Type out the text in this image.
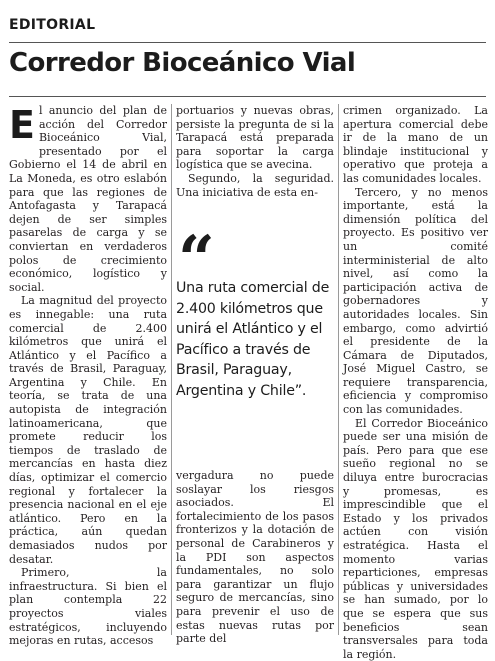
EDITORIAL
Corredor Bioceánico Vial

El anuncio del plan de acción del Corredor Bioceánico Vial, presentado por el Gobierno el 14 de abril en La Moneda, es otro eslabón para que las regiones de Antofagasta y Tarapacá dejen de ser simples pasarelas de carga y se conviertan en verdaderos polos de crecimiento económico, logístico y social.

La magnitud del proyecto es innegable: una ruta comercial de 2.400 kilómetros que unirá el Atlántico y el Pacífico a través de Brasil, Paraguay, Argentina y Chile. En teoría, se trata de una autopista de integración latinoamericana, que promete reducir los tiempos de traslado de mercancías en hasta diez días, optimizar el comercio regional y fortalecer la presencia nacional en el eje atlántico. Pero en la práctica, aún quedan demasiados nudos por desatar.

Primero, la infraestructura. Si bien el plan contempla 22 proyectos viales estratégicos, incluyendo mejoras en rutas, accesos

portuarios y nuevas obras, persiste la pregunta de si la Tarapacá está preparada para soportar la carga logística que se avecina.

Segundo, la seguridad. Una iniciativa de esta en-

“
Una ruta comercial de 2.400 kilómetros que unirá el Atlántico y el Pacífico a través de Brasil, Paraguay, Argentina y Chile”.

vergadura no puede soslayar los riesgos asociados. El fortalecimiento de los pasos fronterizos y la dotación de personal de Carabineros y la PDI son aspectos fundamentales, no solo para garantizar un flujo seguro de mercancías, sino para prevenir el uso de estas nuevas rutas por parte del

crimen organizado. La apertura comercial debe ir de la mano de un blindaje institucional y operativo que proteja a las comunidades locales.

Tercero, y no menos importante, está la dimensión política del proyecto. Es positivo ver un comité interministerial de alto nivel, así como la participación activa de gobernadores y autoridades locales. Sin embargo, como advirtió el presidente de la Cámara de Diputados, José Miguel Castro, se requiere transparencia, eficiencia y compromiso con las comunidades.

El Corredor Bioceánico puede ser una misión de país. Pero para que ese sueño regional no se diluya entre burocracias y promesas, es imprescindible que el Estado y los privados actúen con visión estratégica. Hasta el momento varias reparticiones, empresas públicas y universidades se han sumado, por lo que se espera que sus beneficios sean transversales para toda la región.
